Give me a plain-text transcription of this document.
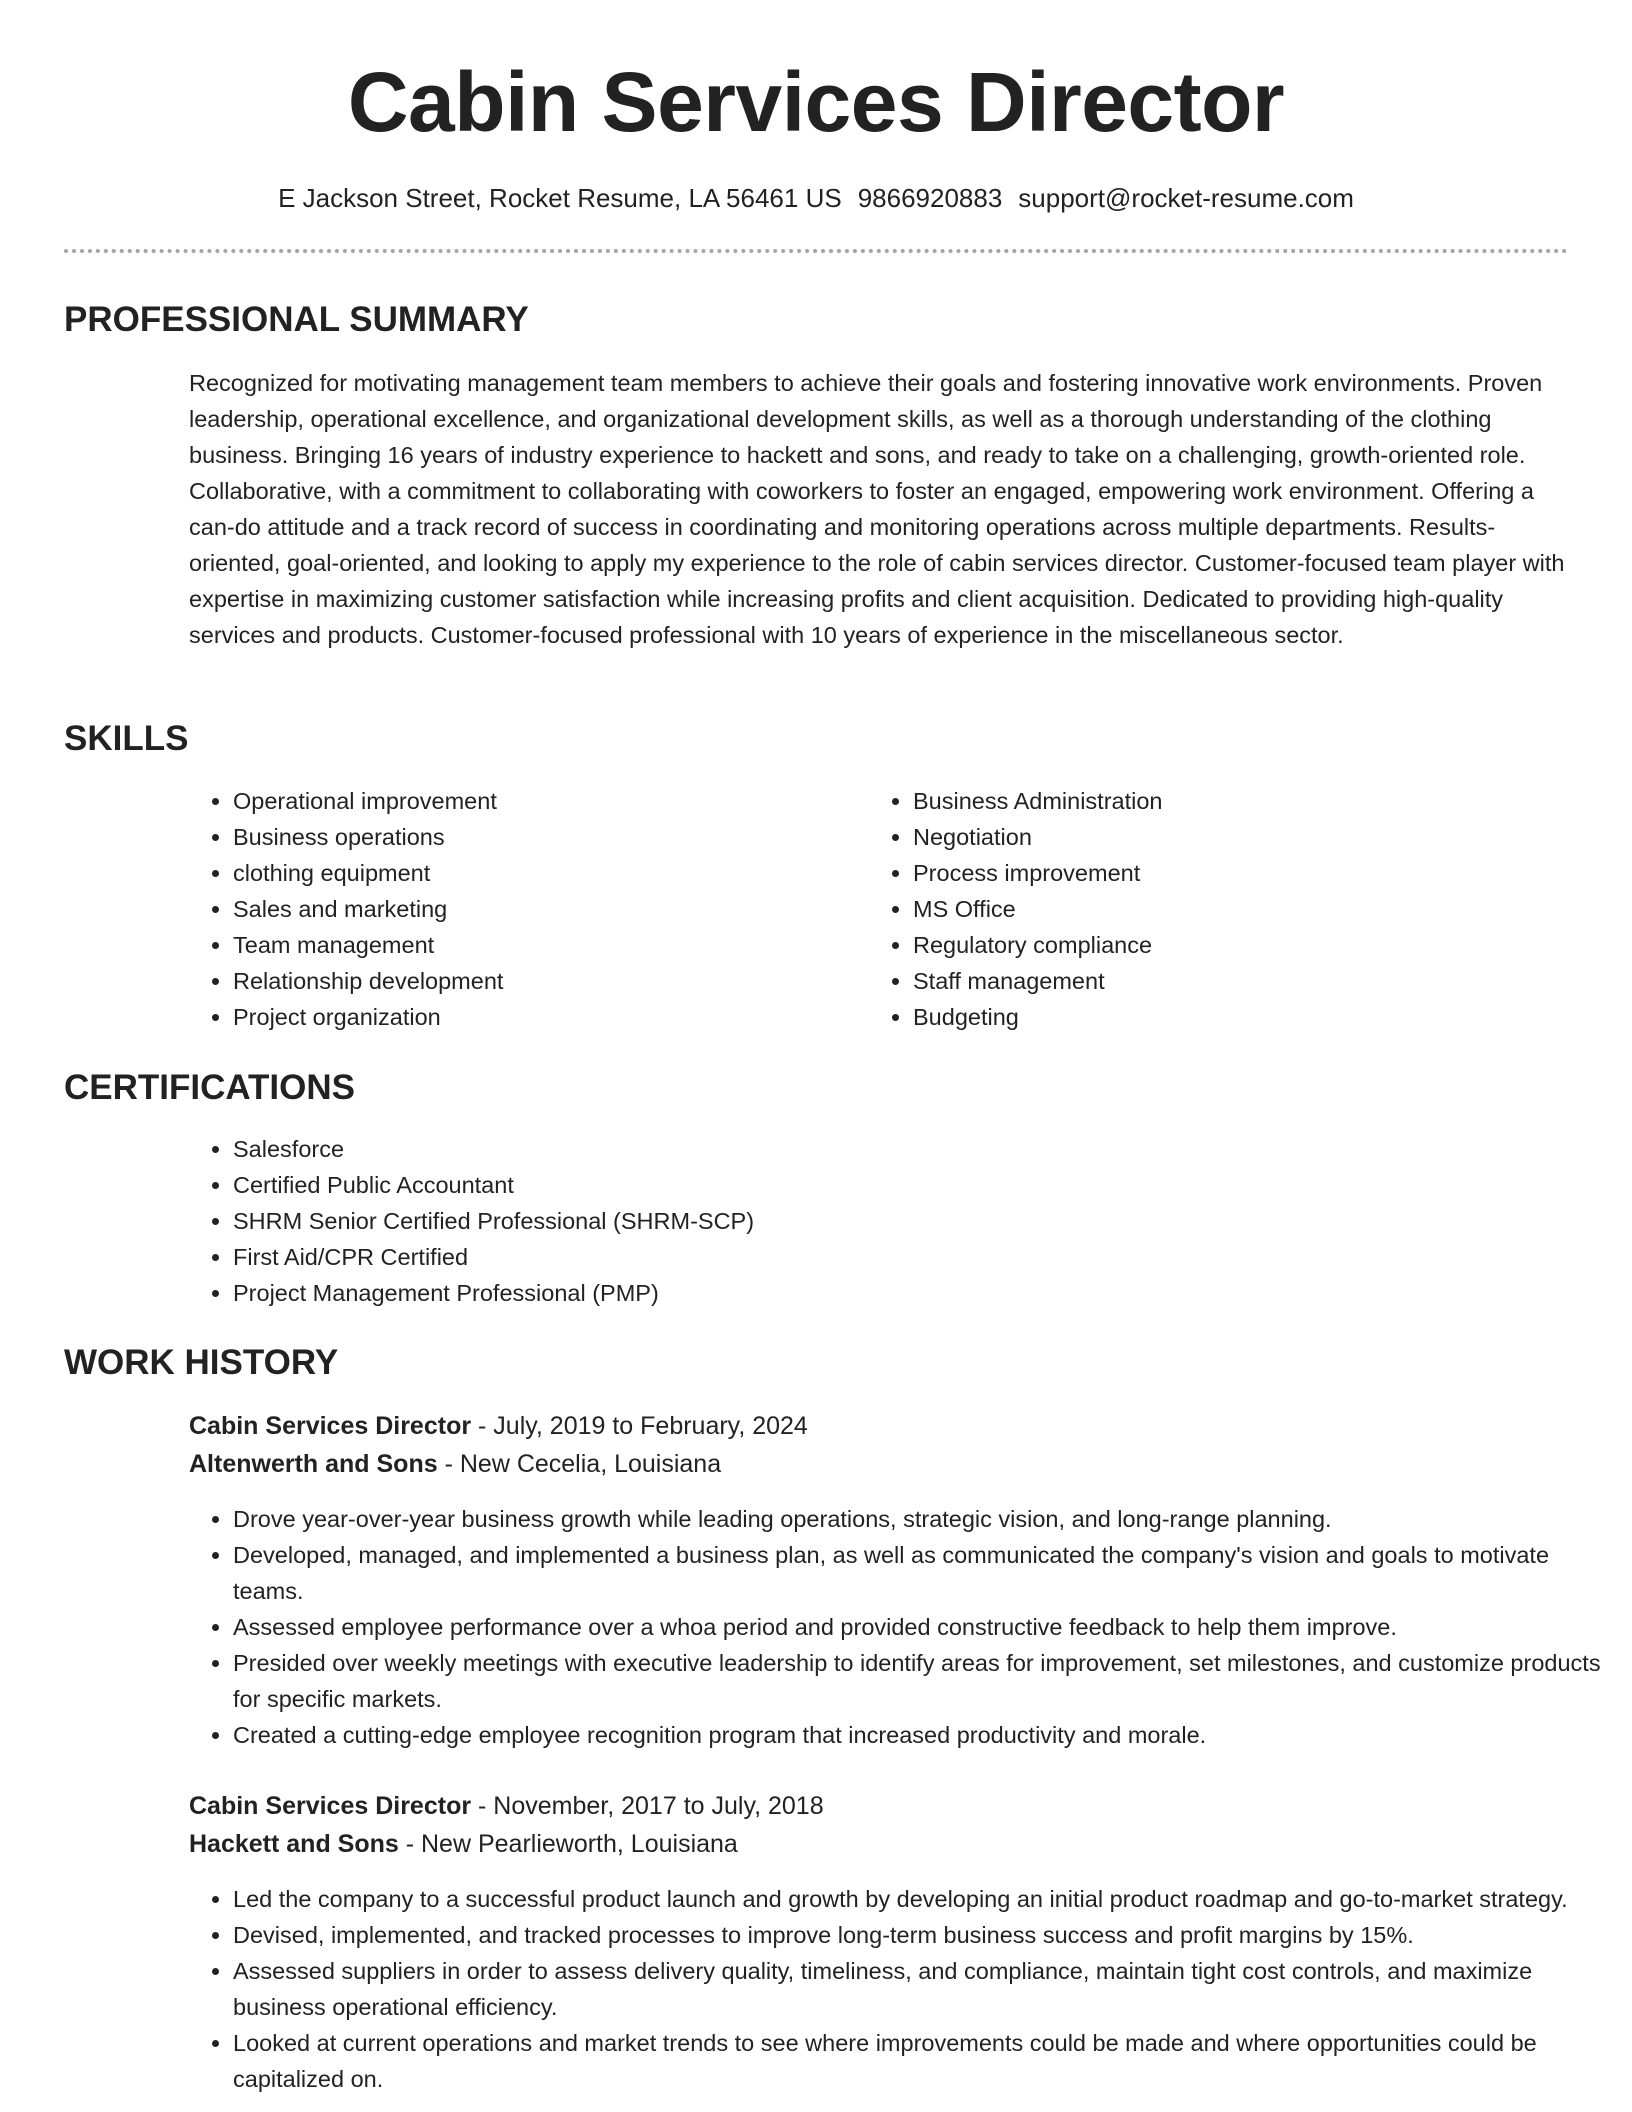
Cabin Services Director
E Jackson Street, Rocket Resume, LA 56461 US 9866920883 support@rocket-resume.com
PROFESSIONAL SUMMARY

Recognized for motivating management team members to achieve their goals and fostering innovative work environments. Proven leadership, operational excellence, and organizational development skills, as well as a thorough understanding of the clothing business. Bringing 16 years of industry experience to hackett and sons, and ready to take on a challenging, growth-oriented role. Collaborative, with a commitment to collaborating with coworkers to foster an engaged, empowering work environment. Offering a can-do attitude and a track record of success in coordinating and monitoring operations across multiple departments. Results-oriented, goal-oriented, and looking to apply my experience to the role of cabin services director. Customer-focused team player with expertise in maximizing customer satisfaction while increasing profits and client acquisition. Dedicated to providing high-quality services and products. Customer-focused professional with 10 years of experience in the miscellaneous sector.

SKILLS
• Operational improvement
• Business operations
• clothing equipment
• Sales and marketing
• Team management
• Relationship development
• Project organization
• Business Administration
• Negotiation
• Process improvement
• MS Office
• Regulatory compliance
• Staff management
• Budgeting
CERTIFICATIONS
• Salesforce
• Certified Public Accountant
• SHRM Senior Certified Professional (SHRM-SCP)
• First Aid/CPR Certified
• Project Management Professional (PMP)
WORK HISTORY
Cabin Services Director - July, 2019 to February, 2024
Altenwerth and Sons - New Cecelia, Louisiana
• Drove year-over-year business growth while leading operations, strategic vision, and long-range planning.
• Developed, managed, and implemented a business plan, as well as communicated the company's vision and goals to motivate teams.
• Assessed employee performance over a whoa period and provided constructive feedback to help them improve.
• Presided over weekly meetings with executive leadership to identify areas for improvement, set milestones, and customize products for specific markets.
• Created a cutting-edge employee recognition program that increased productivity and morale.
Cabin Services Director - November, 2017 to July, 2018
Hackett and Sons - New Pearlieworth, Louisiana
• Led the company to a successful product launch and growth by developing an initial product roadmap and go-to-market strategy.
• Devised, implemented, and tracked processes to improve long-term business success and profit margins by 15%.
• Assessed suppliers in order to assess delivery quality, timeliness, and compliance, maintain tight cost controls, and maximize business operational efficiency.
• Looked at current operations and market trends to see where improvements could be made and where opportunities could be capitalized on.
